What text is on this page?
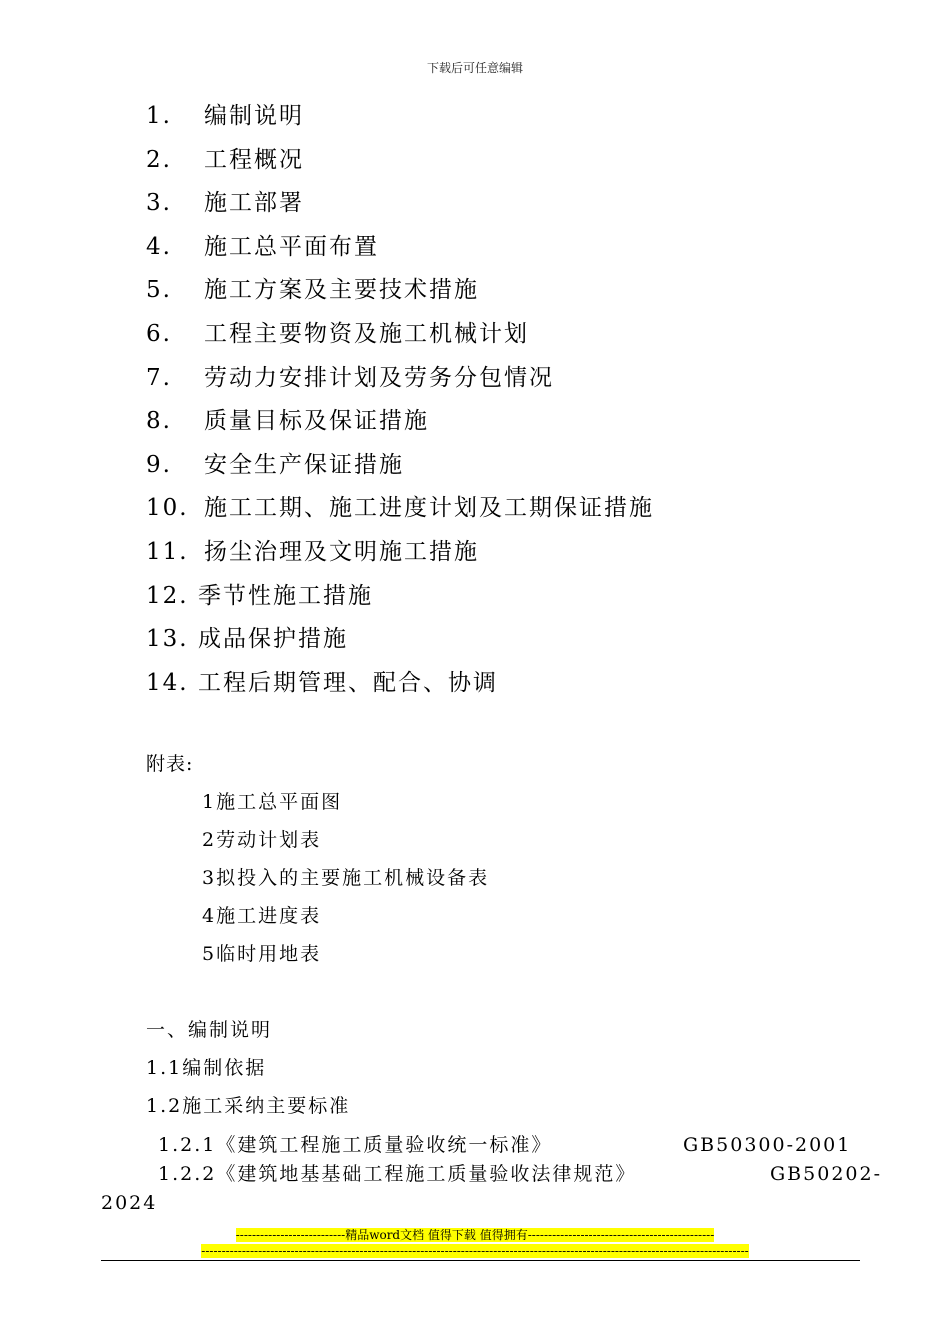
下载后可任意编辑
1.	编制说明
2.	工程概况
3.	施工部署
4.	施工总平面布置
5.	施工方案及主要技术措施
6.	工程主要物资及施工机械计划
7.	劳动力安排计划及劳务分包情况
8.	质量目标及保证措施
9.	安全生产保证措施
10. 施工工期、施工进度计划及工期保证措施
11. 扬尘治理及文明施工措施
12. 季节性施工措施
13. 成品保护措施
14. 工程后期管理、配合、协调
附表:
1施工总平面图
2劳动计划表
3拟投入的主要施工机械设备表
4施工进度表
5临时用地表
一、编制说明
1.1编制依据
1.2施工采纳主要标准
1.2.1《建筑工程施工质量验收统一标准》	GB50300-2001
1.2.2《建筑地基基础工程施工质量验收法律规范》	GB50202-
2024
---------------------------精品word文档 值得下载 值得拥有----------------------------------------------
---------------------------------------------------------------------------------------------------------------------------------------
